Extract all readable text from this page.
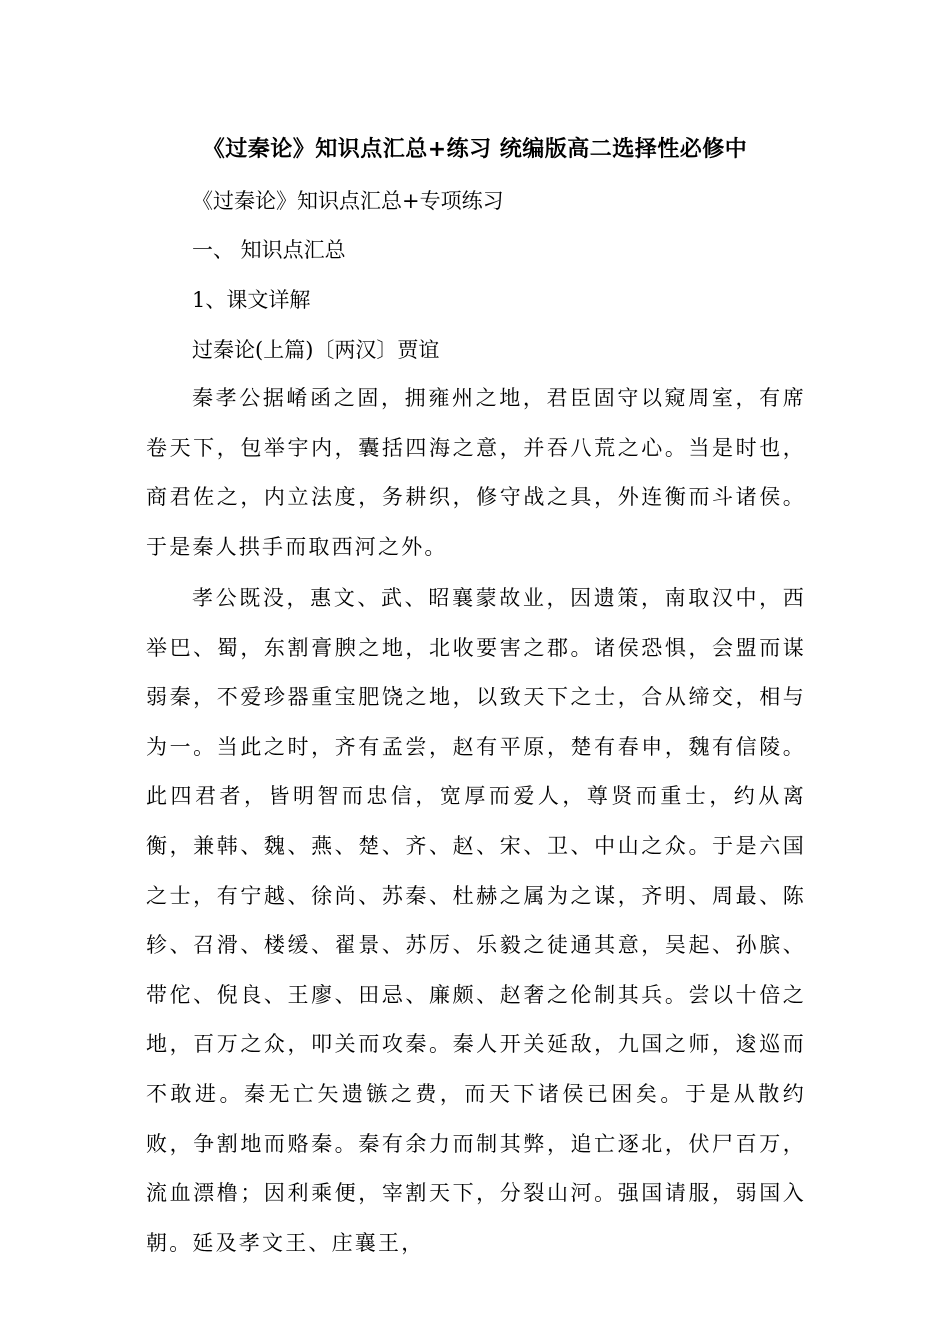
《过秦论》知识点汇总+练习 统编版高二选择性必修中
《过秦论》知识点汇总+专项练习
一、 知识点汇总
1、课文详解
过秦论(上篇)〔两汉〕贾谊

秦孝公据崤函之固，拥雍州之地，君臣固守以窥周室，有席卷天下，包举宇内，囊括四海之意，并吞八荒之心。当是时也，商君佐之，内立法度，务耕织，修守战之具，外连衡而斗诸侯。于是秦人拱手而取西河之外。

孝公既没，惠文、武、昭襄蒙故业，因遗策，南取汉中，西举巴、蜀，东割膏腴之地，北收要害之郡。诸侯恐惧，会盟而谋弱秦，不爱珍器重宝肥饶之地，以致天下之士，合从缔交，相与为一。当此之时，齐有孟尝，赵有平原，楚有春申，魏有信陵。此四君者，皆明智而忠信，宽厚而爱人，尊贤而重士，约从离衡，兼韩、魏、燕、楚、齐、赵、宋、卫、中山之众。于是六国之士，有宁越、徐尚、苏秦、杜赫之属为之谋，齐明、周最、陈轸、召滑、楼缓、翟景、苏厉、乐毅之徒通其意，吴起、孙膑、带佗、倪良、王廖、田忌、廉颇、赵奢之伦制其兵。尝以十倍之地，百万之众，叩关而攻秦。秦人开关延敌，九国之师，逡巡而不敢进。秦无亡矢遗镞之费，而天下诸侯已困矣。于是从散约败，争割地而赂秦。秦有余力而制其弊，追亡逐北，伏尸百万，流血漂橹；因利乘便，宰割天下，分裂山河。强国请服，弱国入朝。延及孝文王、庄襄王，
